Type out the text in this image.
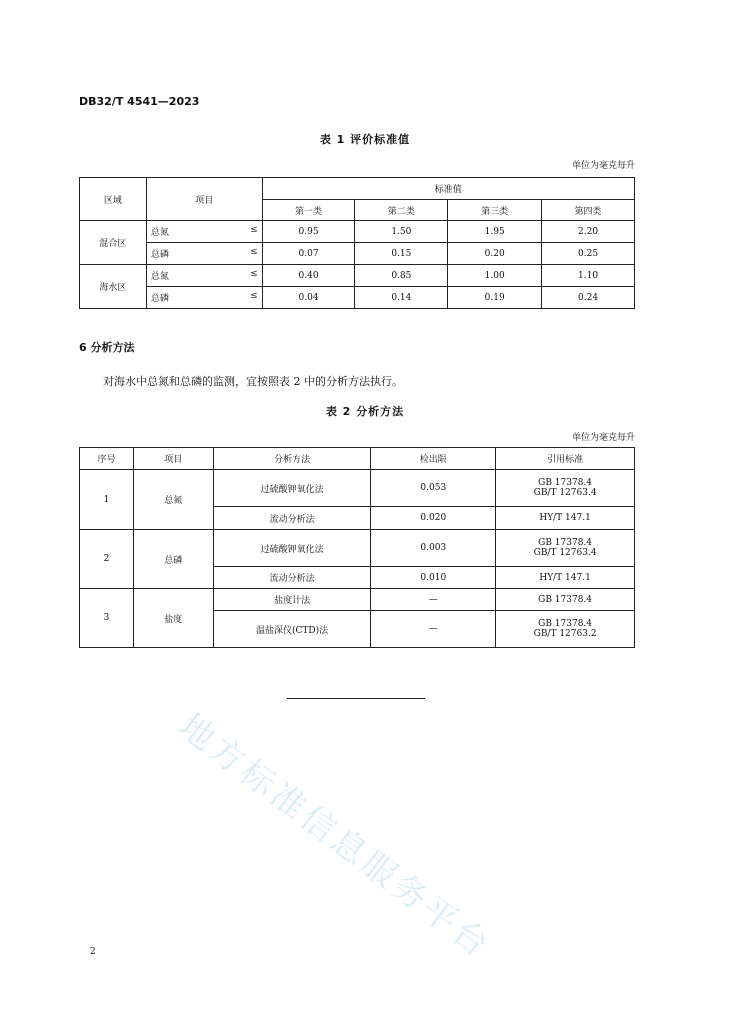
DB32/T 4541—2023
表 1 评价标准值
单位为毫克每升
区域	项目	标准值			
		第一类	第二类	第三类	第四类
混合区	总氮 ≤	0.95	1.50	1.95	2.20
	总磷 ≤	0.07	0.15	0.20	0.25
海水区	总氮 ≤	0.40	0.85	1.00	1.10
	总磷 ≤	0.04	0.14	0.19	0.24
6 分析方法
对海水中总氮和总磷的监测，宜按照表 2 中的分析方法执行。
表 2 分析方法
单位为毫克每升
序号	项目	分析方法	检出限	引用标准
1	总氮	过硫酸钾氧化法	0.053	GB 17378.4
GB/T 12763.4

		流动分析法	0.020	HY/T 147.1
2	总磷	过硫酸钾氧化法	0.003	GB 17378.4
GB/T 12763.4

		流动分析法	0.010	HY/T 147.1
3	盐度	盐度计法	—	GB 17378.4
		温盐深仪(CTD)法	—	GB 17378.4
GB/T 12763.2
地方标准信息服务平台
2
